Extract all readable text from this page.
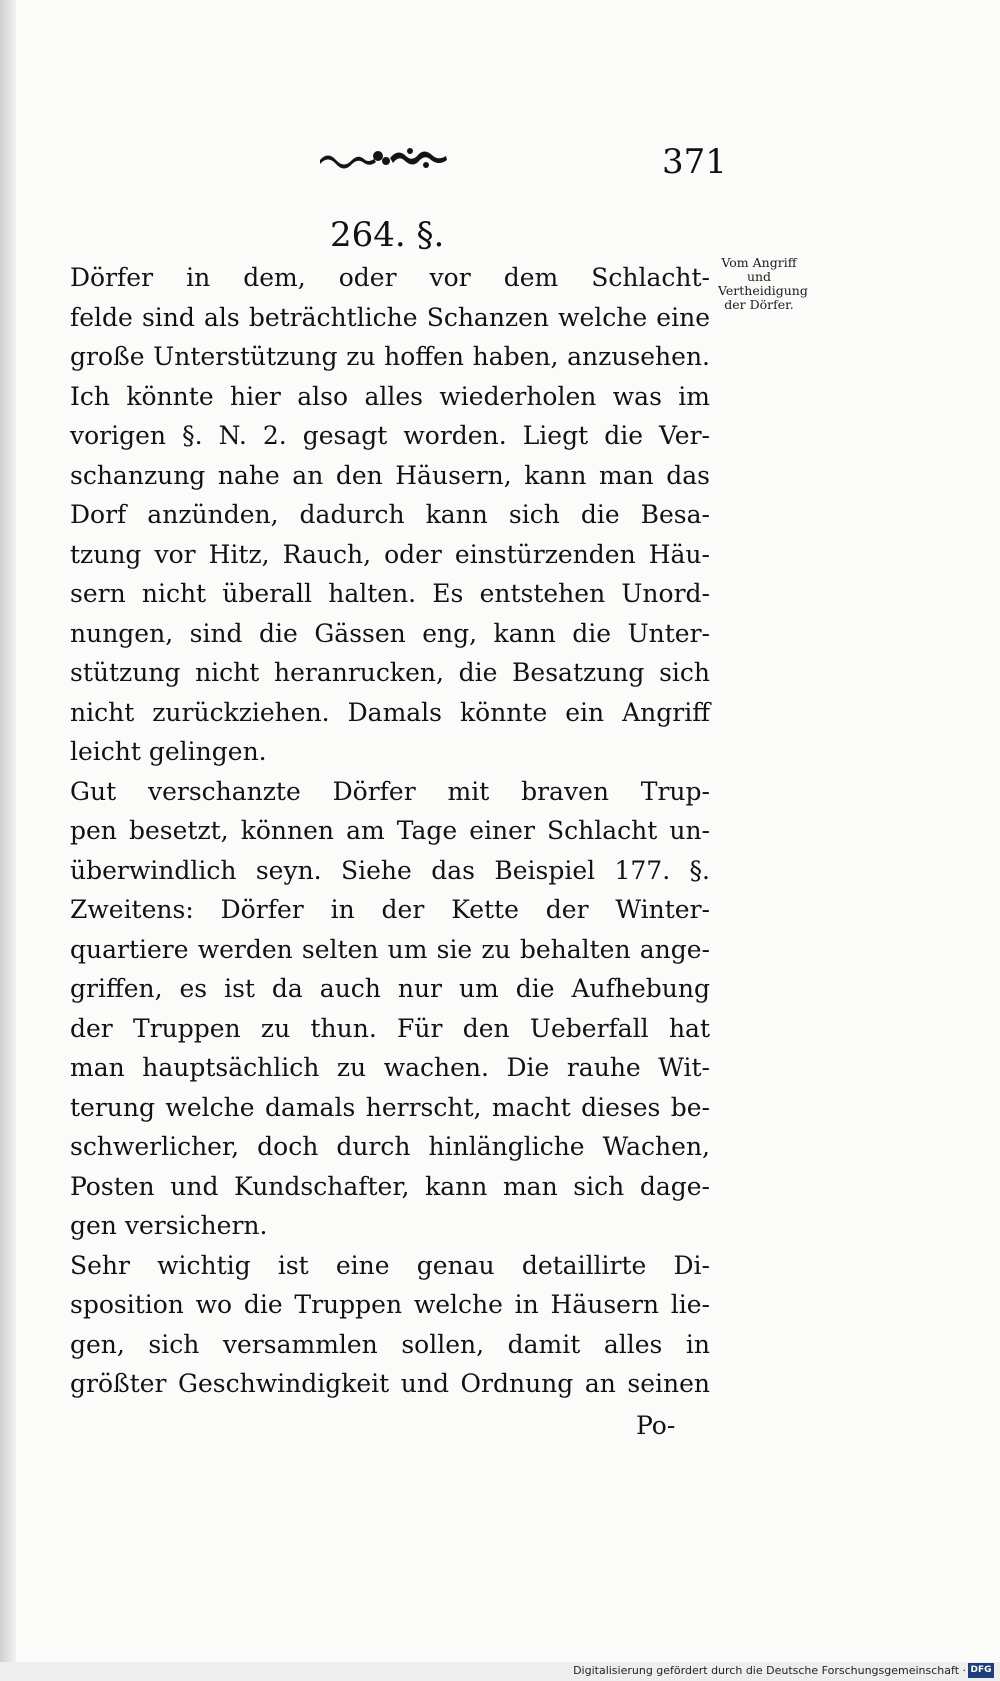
371
264. §.
Vom Angriff und Vertheidigung der Dörfer.
Dörfer in dem, oder vor dem Schlacht-
felde sind als beträchtliche Schanzen welche eine
große Unterstützung zu hoffen haben, anzusehen.
Ich könnte hier also alles wiederholen was im
vorigen §. N. 2. gesagt worden. Liegt die Ver-
schanzung nahe an den Häusern, kann man das
Dorf anzünden, dadurch kann sich die Besa-
tzung vor Hitz, Rauch, oder einstürzenden Häu-
sern nicht überall halten. Es entstehen Unord-
nungen, sind die Gässen eng, kann die Unter-
stützung nicht heranrucken, die Besatzung sich
nicht zurückziehen. Damals könnte ein Angriff
leicht gelingen.
Gut verschanzte Dörfer mit braven Trup-
pen besetzt, können am Tage einer Schlacht un-
überwindlich seyn. Siehe das Beispiel 177. §.
Zweitens: Dörfer in der Kette der Winter-
quartiere werden selten um sie zu behalten ange-
griffen, es ist da auch nur um die Aufhebung
der Truppen zu thun. Für den Ueberfall hat
man hauptsächlich zu wachen. Die rauhe Wit-
terung welche damals herrscht, macht dieses be-
schwerlicher, doch durch hinlängliche Wachen,
Posten und Kundschafter, kann man sich dage-
gen versichern.
Sehr wichtig ist eine genau detaillirte Di-
sposition wo die Truppen welche in Häusern lie-
gen, sich versammlen sollen, damit alles in
größter Geschwindigkeit und Ordnung an seinen
Po-
Digitalisierung gefördert durch die Deutsche Forschungsgemeinschaft · DFG
